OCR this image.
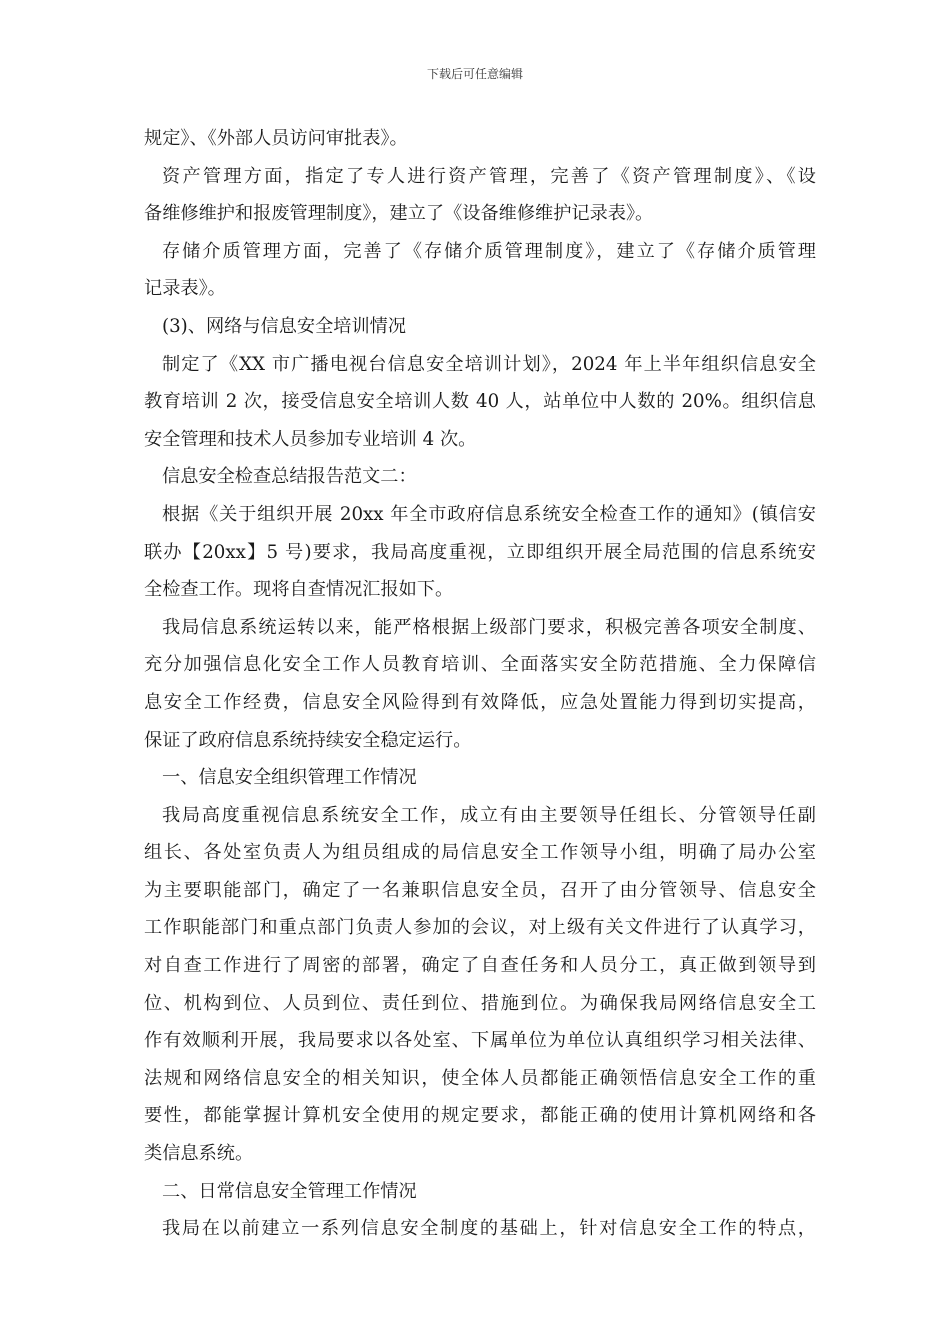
下载后可任意编辑
规定》、《外部人员访问审批表》。
资产管理方面，指定了专人进行资产管理，完善了《资产管理制度》、《设
备维修维护和报废管理制度》，建立了《设备维修维护记录表》。
存储介质管理方面，完善了《存储介质管理制度》，建立了《存储介质管理
记录表》。
(3)、网络与信息安全培训情况
制定了《XX 市广播电视台信息安全培训计划》，2024 年上半年组织信息安全
教育培训 2 次，接受信息安全培训人数 40 人，站单位中人数的 20%。组织信息
安全管理和技术人员参加专业培训 4 次。
信息安全检查总结报告范文二：
根据《关于组织开展 20xx 年全市政府信息系统安全检查工作的通知》(镇信安
联办【20xx】5 号)要求，我局高度重视，立即组织开展全局范围的信息系统安
全检查工作。现将自查情况汇报如下。
我局信息系统运转以来，能严格根据上级部门要求，积极完善各项安全制度、
充分加强信息化安全工作人员教育培训、全面落实安全防范措施、全力保障信
息安全工作经费，信息安全风险得到有效降低，应急处置能力得到切实提高，
保证了政府信息系统持续安全稳定运行。
一、信息安全组织管理工作情况
我局高度重视信息系统安全工作，成立有由主要领导任组长、分管领导任副
组长、各处室负责人为组员组成的局信息安全工作领导小组，明确了局办公室
为主要职能部门，确定了一名兼职信息安全员，召开了由分管领导、信息安全
工作职能部门和重点部门负责人参加的会议，对上级有关文件进行了认真学习，
对自查工作进行了周密的部署，确定了自查任务和人员分工，真正做到领导到
位、机构到位、人员到位、责任到位、措施到位。为确保我局网络信息安全工
作有效顺利开展，我局要求以各处室、下属单位为单位认真组织学习相关法律、
法规和网络信息安全的相关知识，使全体人员都能正确领悟信息安全工作的重
要性，都能掌握计算机安全使用的规定要求，都能正确的使用计算机网络和各
类信息系统。
二、日常信息安全管理工作情况
我局在以前建立一系列信息安全制度的基础上，针对信息安全工作的特点，
